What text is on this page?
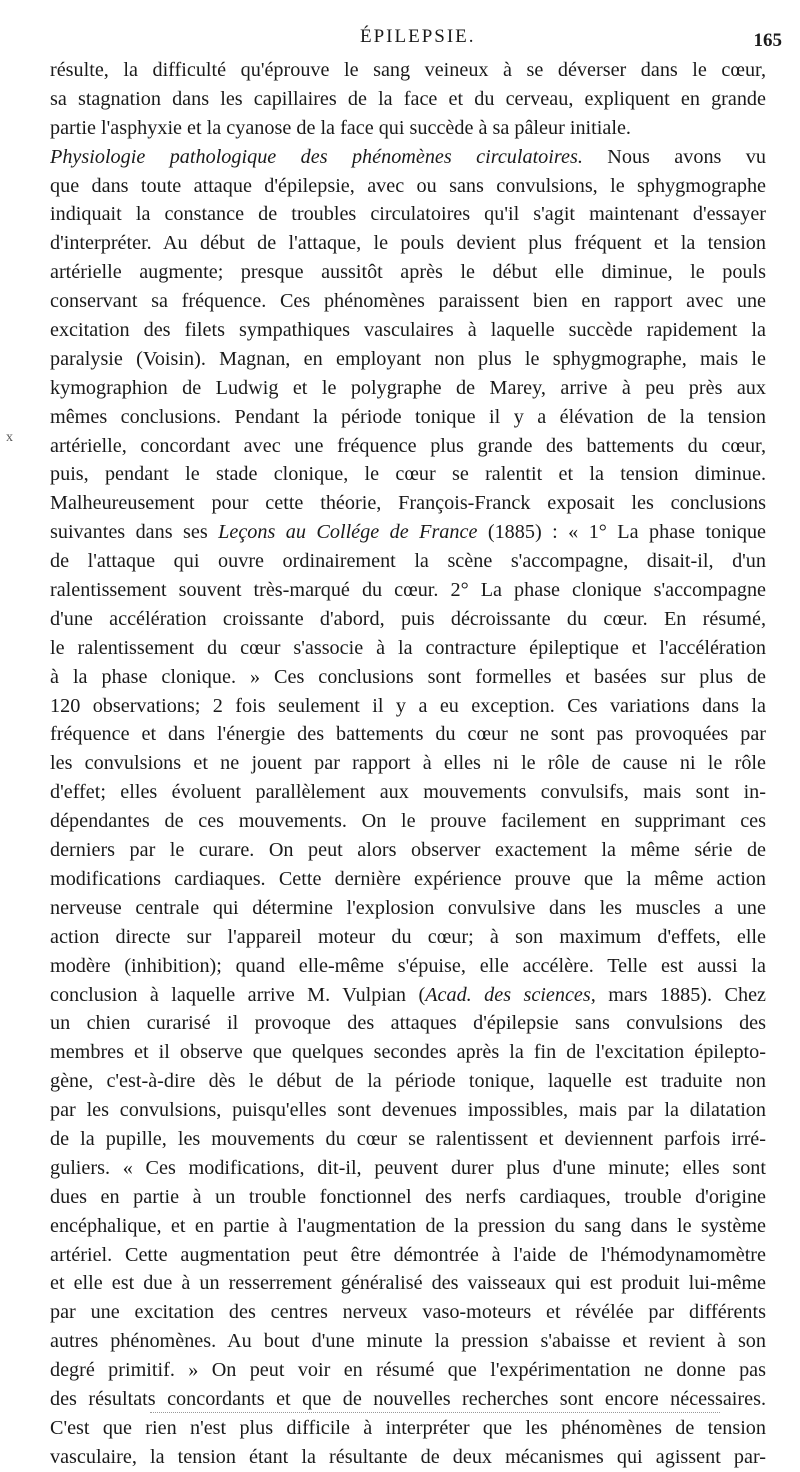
ÉPILEPSIE.	165
x
résulte, la difficulté qu'éprouve le sang veineux à se déverser dans le cœur,
sa stagnation dans les capillaires de la face et du cerveau, expliquent en grande
partie l'asphyxie et la cyanose de la face qui succède à sa pâleur initiale.
Physiologie pathologique des phénomènes circulatoires. Nous avons vu
que dans toute attaque d'épilepsie, avec ou sans convulsions, le sphygmographe
indiquait la constance de troubles circulatoires qu'il s'agit maintenant d'essayer
d'interpréter. Au début de l'attaque, le pouls devient plus fréquent et la tension
artérielle augmente; presque aussitôt après le début elle diminue, le pouls
conservant sa fréquence. Ces phénomènes paraissent bien en rapport avec une
excitation des filets sympathiques vasculaires à laquelle succède rapidement la
paralysie (Voisin). Magnan, en employant non plus le sphygmographe, mais le
kymographion de Ludwig et le polygraphe de Marey, arrive à peu près aux
mêmes conclusions. Pendant la période tonique il y a élévation de la tension
artérielle, concordant avec une fréquence plus grande des battements du cœur,
puis, pendant le stade clonique, le cœur se ralentit et la tension diminue.
Malheureusement pour cette théorie, François-Franck exposait les conclusions
suivantes dans ses Leçons au Collége de France (1885) : « 1° La phase tonique
de l'attaque qui ouvre ordinairement la scène s'accompagne, disait-il, d'un
ralentissement souvent très-marqué du cœur. 2° La phase clonique s'accompagne
d'une accélération croissante d'abord, puis décroissante du cœur. En résumé,
le ralentissement du cœur s'associe à la contracture épileptique et l'accélération
à la phase clonique. » Ces conclusions sont formelles et basées sur plus de
120 observations; 2 fois seulement il y a eu exception. Ces variations dans la
fréquence et dans l'énergie des battements du cœur ne sont pas provoquées par
les convulsions et ne jouent par rapport à elles ni le rôle de cause ni le rôle
d'effet; elles évoluent parallèlement aux mouvements convulsifs, mais sont in-
dépendantes de ces mouvements. On le prouve facilement en supprimant ces
derniers par le curare. On peut alors observer exactement la même série de
modifications cardiaques. Cette dernière expérience prouve que la même action
nerveuse centrale qui détermine l'explosion convulsive dans les muscles a une
action directe sur l'appareil moteur du cœur; à son maximum d'effets, elle
modère (inhibition); quand elle-même s'épuise, elle accélère. Telle est aussi la
conclusion à laquelle arrive M. Vulpian (Acad. des sciences, mars 1885). Chez
un chien curarisé il provoque des attaques d'épilepsie sans convulsions des
membres et il observe que quelques secondes après la fin de l'excitation épilepto-
gène, c'est-à-dire dès le début de la période tonique, laquelle est traduite non
par les convulsions, puisqu'elles sont devenues impossibles, mais par la dilatation
de la pupille, les mouvements du cœur se ralentissent et deviennent parfois irré-
guliers. « Ces modifications, dit-il, peuvent durer plus d'une minute; elles sont
dues en partie à un trouble fonctionnel des nerfs cardiaques, trouble d'origine
encéphalique, et en partie à l'augmentation de la pression du sang dans le système
artériel. Cette augmentation peut être démontrée à l'aide de l'hémodynamomètre
et elle est due à un resserrement généralisé des vaisseaux qui est produit lui-même
par une excitation des centres nerveux vaso-moteurs et révélée par différents
autres phénomènes. Au bout d'une minute la pression s'abaisse et revient à son
degré primitif. » On peut voir en résumé que l'expérimentation ne donne pas
des résultats concordants et que de nouvelles recherches sont encore nécessaires.
C'est que rien n'est plus difficile à interpréter que les phénomènes de tension
vasculaire, la tension étant la résultante de deux mécanismes qui agissent par-
